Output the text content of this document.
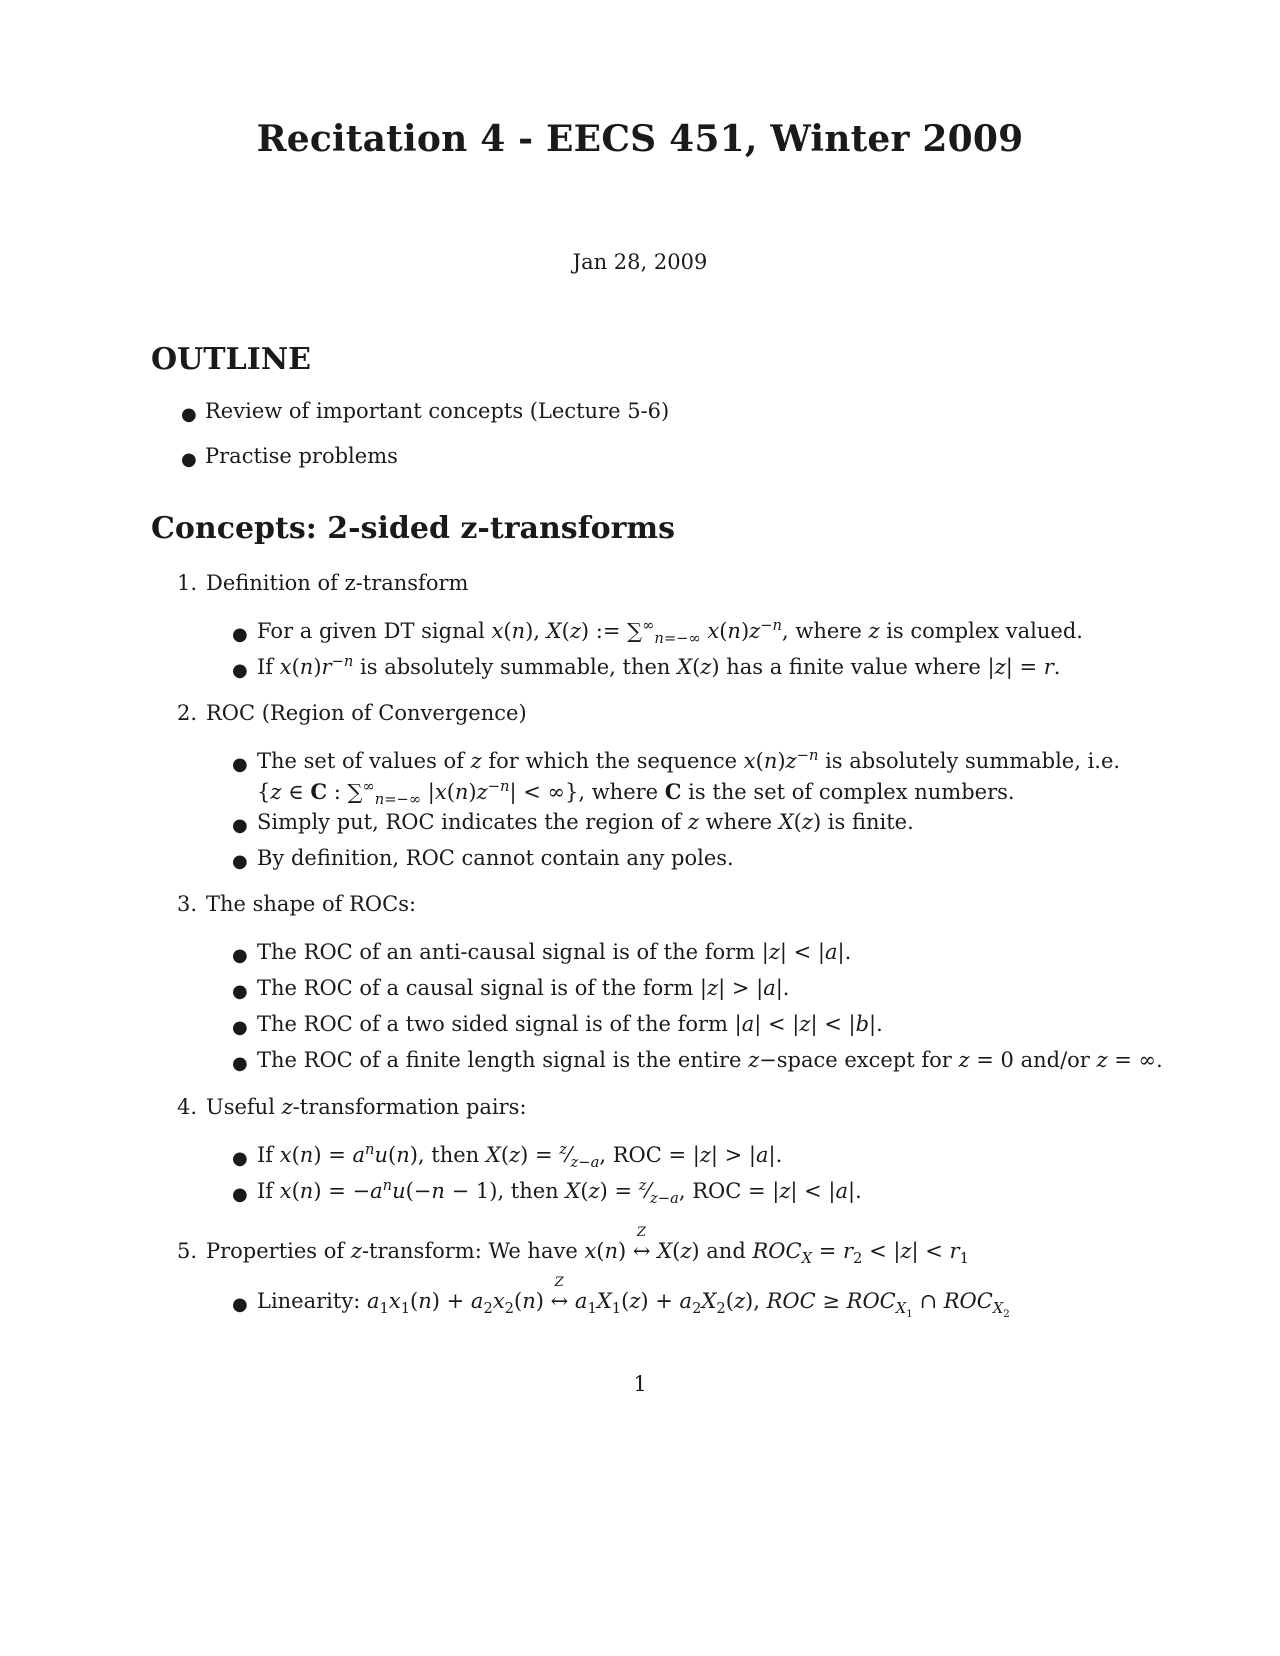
Recitation 4 - EECS 451, Winter 2009
Jan 28, 2009
OUTLINE
● Review of important concepts (Lecture 5-6)
● Practise problems
Concepts: 2-sided z-transforms
1. Definition of z-transform
● For a given DT signal x(n), X(z) := $\sum^\infty_{n=-\infty}$ $x(n)z^{-n}$, where z is complex valued.
● If $x(n)r^{-n}$ is absolutely summable, then X(z) has a finite value where |z| = r.
2. ROC (Region of Convergence)
● The set of values of z for which the sequence $x(n)z^{-n}$ is absolutely summable, i.e.
{z ∈ C : $\sum^\infty_{n=-\infty}$ $|x(n)z^{-n}|$ < ∞}, where C is the set of complex numbers.
● Simply put, ROC indicates the region of z where X(z) is finite.
● By definition, ROC cannot contain any poles.
3. The shape of ROCs:
● The ROC of an anti-causal signal is of the form |z| < |a|.
● The ROC of a causal signal is of the form |z| > |a|.
● The ROC of a two sided signal is of the form |a| < |z| < |b|.
● The ROC of a finite length signal is the entire z−space except for z = 0 and/or z = ∞.
4. Useful z-transformation pairs:
● If $x(n) = a^nu(n)$, then $X(z) = ^z⁄_{z-a}$, ROC = |z| > |a|.
● If $x(n) = -a^nu(-n - 1)$, then $X(z) = ^z⁄_{z-a}$, ROC = |z| < |a|.
5. Properties of z-transform: We have x(n)
Z
↔ X(z) and $ROC_X = r_2 < |z| < r_1$
● Linearity: $a_1x_1(n) + a_2x_2(n)$
Z
↔ $a_1X_1(z) + a_2X_2(z)$, ROC ≥ $ROC_{X_1}$ ∩ $ROC_{X_2}$
1
